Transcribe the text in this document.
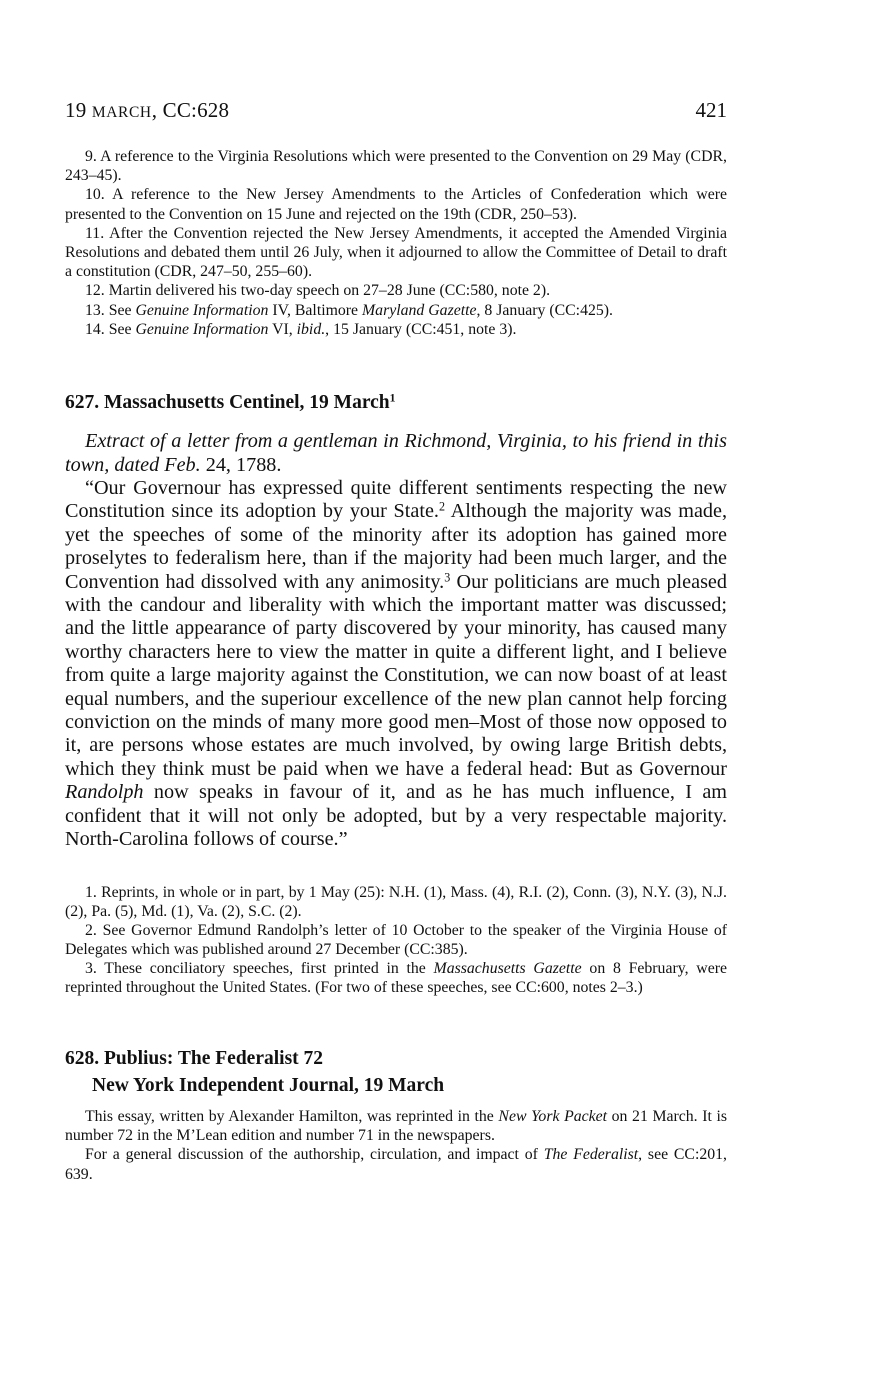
19 MARCH, CC:628	421

9. A reference to the Virginia Resolutions which were presented to the Convention on 29 May (CDR, 243–45).

10. A reference to the New Jersey Amendments to the Articles of Confederation which were presented to the Convention on 15 June and rejected on the 19th (CDR, 250–53).

11. After the Convention rejected the New Jersey Amendments, it accepted the Amended Virginia Resolutions and debated them until 26 July, when it adjourned to allow the Committee of Detail to draft a constitution (CDR, 247–50, 255–60).

12. Martin delivered his two-day speech on 27–28 June (CC:580, note 2).

13. See Genuine Information IV, Baltimore Maryland Gazette, 8 January (CC:425).

14. See Genuine Information VI, ibid., 15 January (CC:451, note 3).

627. Massachusetts Centinel, 19 March$^1$

Extract of a letter from a gentleman in Richmond, Virginia, to his friend in this town, dated Feb. 24, 1788.

“Our Governour has expressed quite different sentiments respecting the new Constitution since its adoption by your State.$^2$ Although the majority was made, yet the speeches of some of the minority after its adoption has gained more proselytes to federalism here, than if the majority had been much larger, and the Convention had dissolved with any animosity.$^3$ Our politicians are much pleased with the candour and liberality with which the important matter was discussed; and the little appearance of party discovered by your minority, has caused many worthy characters here to view the matter in quite a different light, and I believe from quite a large majority against the Constitution, we can now boast of at least equal numbers, and the superiour excellence of the new plan cannot help forcing conviction on the minds of many more good men–Most of those now opposed to it, are persons whose estates are much involved, by owing large British debts, which they think must be paid when we have a federal head: But as Governour Randolph now speaks in favour of it, and as he has much influence, I am confident that it will not only be adopted, but by a very respectable majority. North-Carolina follows of course.”

1. Reprints, in whole or in part, by 1 May (25): N.H. (1), Mass. (4), R.I. (2), Conn. (3), N.Y. (3), N.J. (2), Pa. (5), Md. (1), Va. (2), S.C. (2).

2. See Governor Edmund Randolph’s letter of 10 October to the speaker of the Virginia House of Delegates which was published around 27 December (CC:385).

3. These conciliatory speeches, first printed in the Massachusetts Gazette on 8 February, were reprinted throughout the United States. (For two of these speeches, see CC:600, notes 2–3.)

628. Publius: The Federalist 72
New York Independent Journal, 19 March

This essay, written by Alexander Hamilton, was reprinted in the New York Packet on 21 March. It is number 72 in the M’Lean edition and number 71 in the newspapers.

For a general discussion of the authorship, circulation, and impact of The Federalist, see CC:201, 639.
